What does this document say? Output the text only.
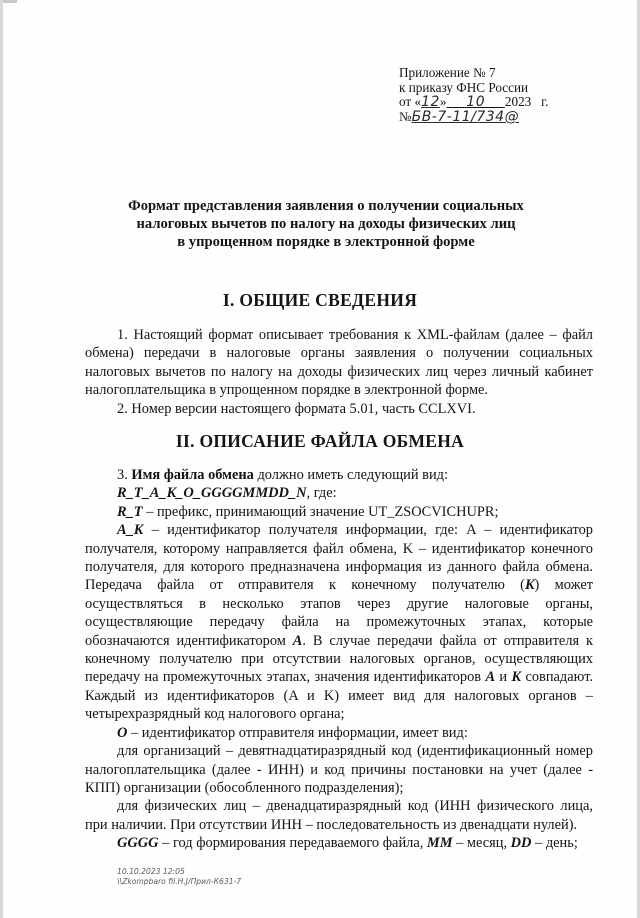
Приложение № 7
к приказу ФНС России
от «12» 10 2023 г.
№БВ-7-11/734@
Формат представления заявления о получении социальных
налоговых вычетов по налогу на доходы физических лиц
в упрощенном порядке в электронной форме
I. ОБЩИЕ СВЕДЕНИЯ

1. Настоящий формат описывает требования к XML-файлам (далее – файл обмена) передачи в налоговые органы заявления о получении социальных налоговых вычетов по налогу на доходы физических лиц через личный кабинет налогоплательщика в упрощенном порядке в электронной форме.

2. Номер версии настоящего формата 5.01, часть CCLXVI.

II. ОПИСАНИЕ ФАЙЛА ОБМЕНА

3. Имя файла обмена должно иметь следующий вид:

R_T_A_K_O_GGGGMMDD_N, где:

R_T – префикс, принимающий значение UT_ZSOCVICHUPR;

A_K – идентификатор получателя информации, где: A – идентификатор получателя, которому направляется файл обмена, K – идентификатор конечного получателя, для которого предназначена информация из данного файла обмена. Передача файла от отправителя к конечному получателю (K) может осуществляться в несколько этапов через другие налоговые органы, осуществляющие передачу файла на промежуточных этапах, которые обозначаются идентификатором A. В случае передачи файла от отправителя к конечному получателю при отсутствии налоговых органов, осуществляющих передачу на промежуточных этапах, значения идентификаторов A и K совпадают. Каждый из идентификаторов (A и K) имеет вид для налоговых органов – четырехразрядный код налогового органа;

O – идентификатор отправителя информации, имеет вид:

для организаций – девятнадцатиразрядный код (идентификационный номер налогоплательщика (далее - ИНН) и код причины постановки на учет (далее - КПП) организации (обособленного подразделения);

для физических лиц – двенадцатиразрядный код (ИНН физического лица, при наличии. При отсутствии ИНН – последовательность из двенадцати нулей).

GGGG – год формирования передаваемого файла, MM – месяц, DD – день;

10.10.2023 12:05
\\Zkompbaro fil.H.J/Прил-К631-7
